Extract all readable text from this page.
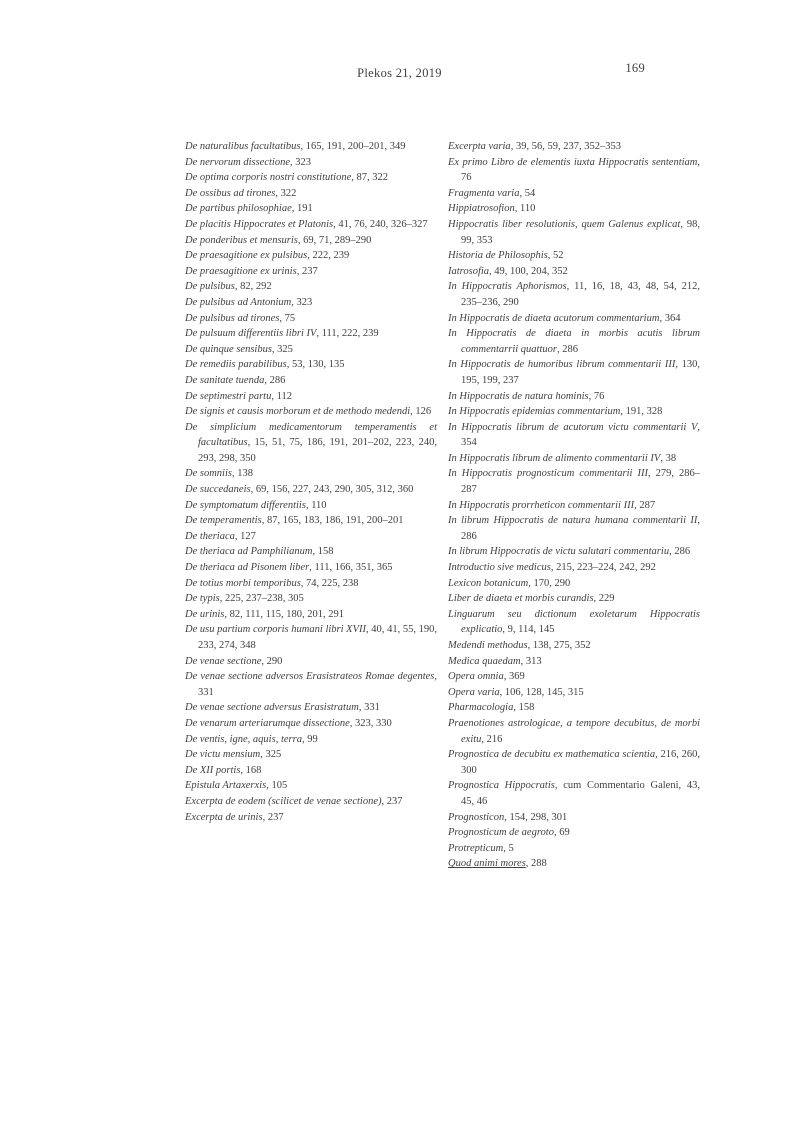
Plekos 21, 2019	169
De naturalibus facultatibus, 165, 191, 200–201, 349
De nervorum dissectione, 323
De optima corporis nostri constitutione, 87, 322
De ossibus ad tirones, 322
De partibus philosophiae, 191
De placitis Hippocrates et Platonis, 41, 76, 240, 326–327
De ponderibus et mensuris, 69, 71, 289–290
De praesagitione ex pulsibus, 222, 239
De praesagitione ex urinis, 237
De pulsibus, 82, 292
De pulsibus ad Antonium, 323
De pulsibus ad tirones, 75
De pulsuum differentiis libri IV, 111, 222, 239
De quinque sensibus, 325
De remediis parabilibus, 53, 130, 135
De sanitate tuenda, 286
De septimestri partu, 112
De signis et causis morborum et de methodo medendi, 126
De simplicium medicamentorum temperamentis et facultatibus, 15, 51, 75, 186, 191, 201–202, 223, 240, 293, 298, 350
De somniis, 138
De succedaneis, 69, 156, 227, 243, 290, 305, 312, 360
De symptomatum differentiis, 110
De temperamentis, 87, 165, 183, 186, 191, 200–201
De theriaca, 127
De theriaca ad Pamphilianum, 158
De theriaca ad Pisonem liber, 111, 166, 351, 365
De totius morbi temporibus, 74, 225, 238
De typis, 225, 237–238, 305
De urinis, 82, 111, 115, 180, 201, 291
De usu partium corporis humani libri XVII, 40, 41, 55, 190, 233, 274, 348
De venae sectione, 290
De venae sectione adversos Erasistrateos Romae degentes, 331
De venae sectione adversus Erasistratum, 331
De venarum arteriarumque dissectione, 323, 330
De ventis, igne, aquis, terra, 99
De victu mensium, 325
De XII portis, 168
Epistula Artaxerxis, 105
Excerpta de eodem (scilicet de venae sectione), 237
Excerpta de urinis, 237
Excerpta varia, 39, 56, 59, 237, 352–353
Ex primo Libro de elementis iuxta Hippocratis sententiam, 76
Fragmenta varia, 54
Hippiatrosofion, 110
Hippocratis liber resolutionis, quem Galenus explicat, 98, 99, 353
Historia de Philosophis, 52
Iatrosofia, 49, 100, 204, 352
In Hippocratis Aphorismos, 11, 16, 18, 43, 48, 54, 212, 235–236, 290
In Hippocratis de diaeta acutorum commentarium, 364
In Hippocratis de diaeta in morbis acutis librum commentarrii quattuor, 286
In Hippocratis de humoribus librum commentarii III, 130, 195, 199, 237
In Hippocratis de natura hominis, 76
In Hippocratis epidemias commentarium, 191, 328
In Hippocratis librum de acutorum victu commentarii V, 354
In Hippocratis librum de alimento commentarii IV, 38
In Hippocratis prognosticum commentarii III, 279, 286–287
In Hippocratis prorrheticon commentarii III, 287
In librum Hippocratis de natura humana commentarii II, 286
In librum Hippocratis de victu salutari commentariu, 286
Introductio sive medicus, 215, 223–224, 242, 292
Lexicon botanicum, 170, 290
Liber de diaeta et morbis curandis, 229
Linguarum seu dictionum exoletarum Hippocratis explicatio, 9, 114, 145
Medendi methodus, 138, 275, 352
Medica quaedam, 313
Opera omnia, 369
Opera varia, 106, 128, 145, 315
Pharmacologia, 158
Praenotiones astrologicae, a tempore decubitus, de morbi exitu, 216
Prognostica de decubitu ex mathematica scientia, 216, 260, 300
Prognostica Hippocratis, cum Commentario Galeni, 43, 45, 46
Prognosticon, 154, 298, 301
Prognosticum de aegroto, 69
Protrepticum, 5
Quod animi mores, 288
